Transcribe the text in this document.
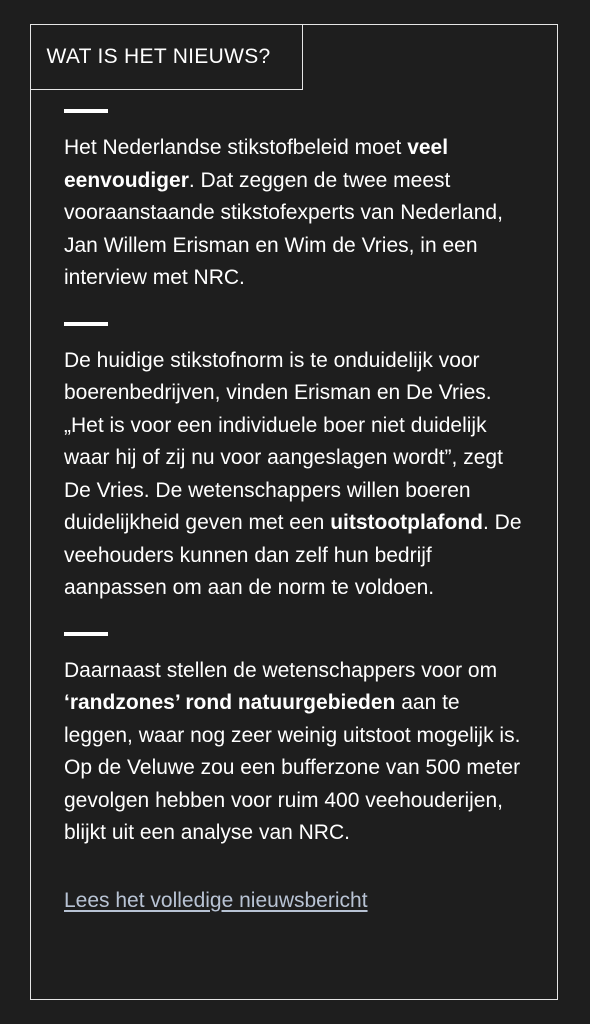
WAT IS HET NIEUWS?

Het Nederlandse stikstofbeleid moet veel eenvoudiger. Dat zeggen de twee meest vooraanstaande stikstofexperts van Nederland, Jan Willem Erisman en Wim de Vries, in een interview met NRC.

De huidige stikstofnorm is te onduidelijk voor boerenbedrijven, vinden Erisman en De Vries. „Het is voor een individuele boer niet duidelijk waar hij of zij nu voor aangeslagen wordt”, zegt De Vries. De wetenschappers willen boeren duidelijkheid geven met een uitstootplafond. De veehouders kunnen dan zelf hun bedrijf aanpassen om aan de norm te voldoen.

Daarnaast stellen de wetenschappers voor om ‘randzones’ rond natuurgebieden aan te leggen, waar nog zeer weinig uitstoot mogelijk is. Op de Veluwe zou een bufferzone van 500 meter gevolgen hebben voor ruim 400 veehouderijen, blijkt uit een analyse van NRC.

Lees het volledige nieuwsbericht
